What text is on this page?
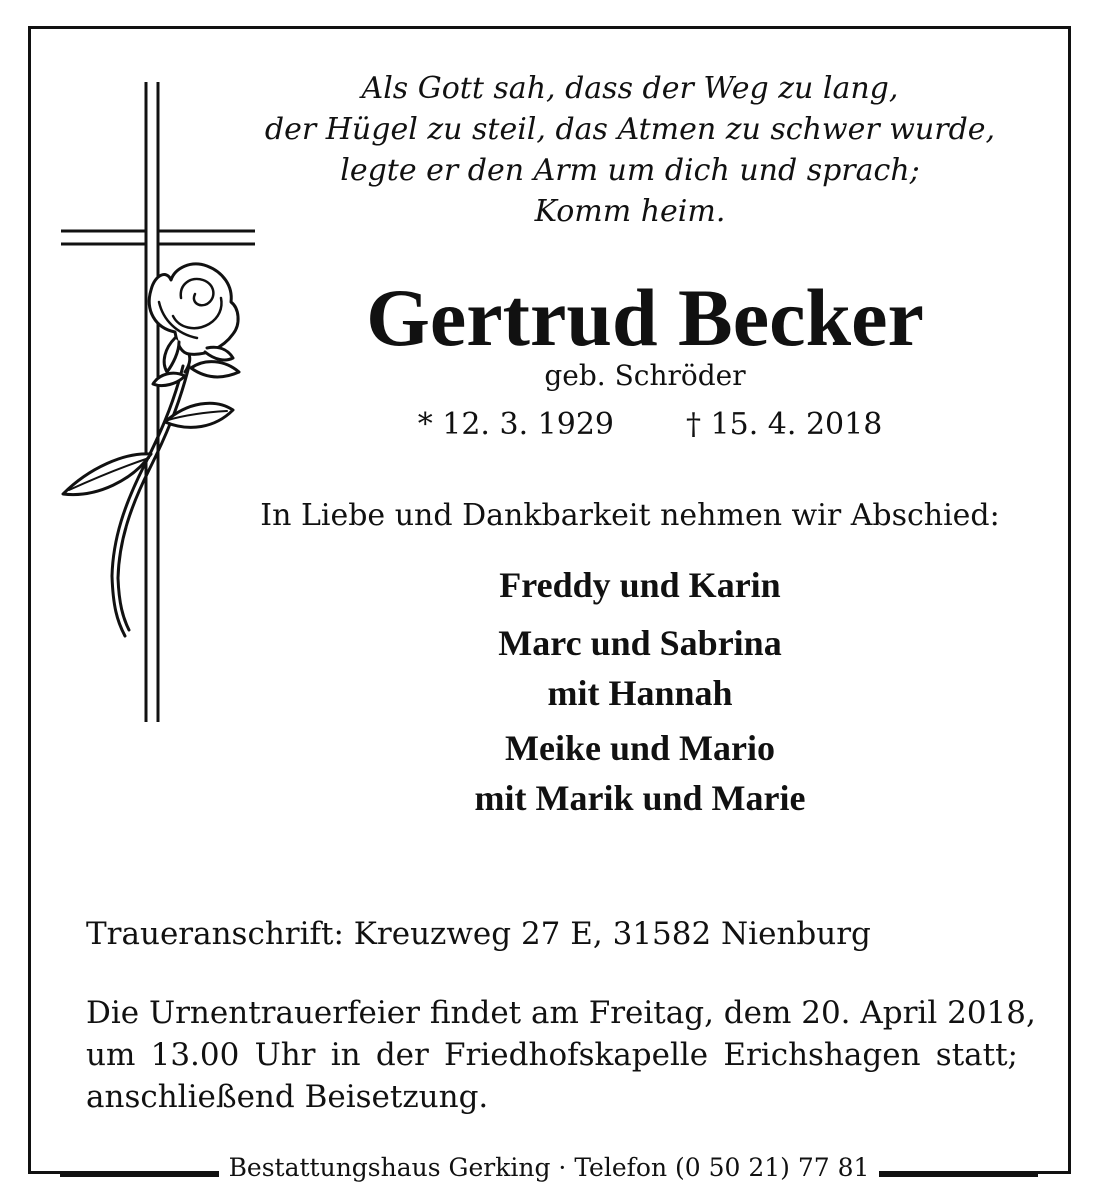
Als Gott sah, dass der Weg zu lang,
der Hügel zu steil, das Atmen zu schwer wurde,
legte er den Arm um dich und sprach;
Komm heim.
Gertrud Becker
geb. Schröder
* 12. 3. 1929 † 15. 4. 2018
In Liebe und Dankbarkeit nehmen wir Abschied:
Freddy und Karin
Marc und Sabrina
mit Hannah
Meike und Mario
mit Marik und Marie
Traueranschrift: Kreuzweg 27 E, 31582 Nienburg
Die Urnentrauerfeier findet am Freitag, dem 20. April 2018,
um 13.00 Uhr in der Friedhofskapelle Erichshagen statt;
anschließend Beisetzung.
Bestattungshaus Gerking · Telefon (0 50 21) 77 81
